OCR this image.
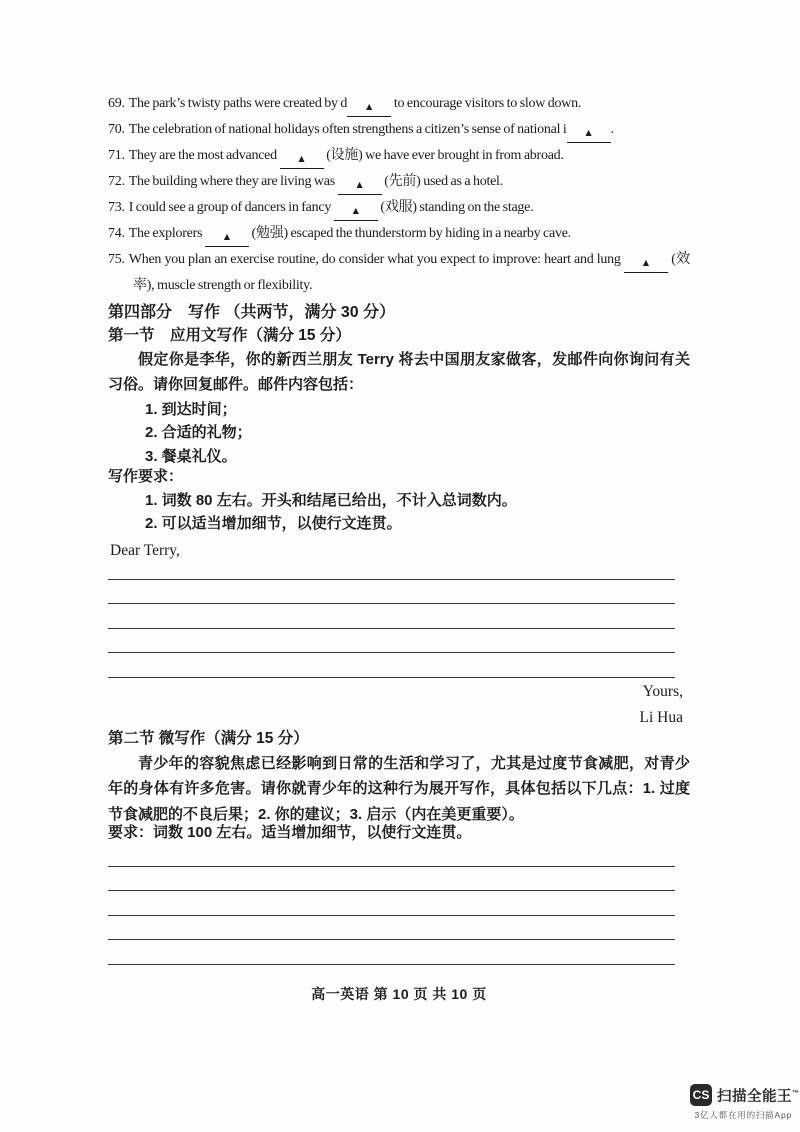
69. The park’s twisty paths were created by d ▲ to encourage visitors to slow down.
70. The celebration of national holidays often strengthens a citizen’s sense of national i ▲ .
71. They are the most advanced ▲ (设施) we have ever brought in from abroad.
72. The building where they are living was ▲ (先前) used as a hotel.
73. I could see a group of dancers in fancy ▲ (戏服) standing on the stage.
74. The explorers ▲ (勉强) escaped the thunderstorm by hiding in a nearby cave.
75. When you plan an exercise routine, do consider what you expect to improve: heart and lung ▲ (效率), muscle strength or flexibility.
第四部分　写作 （共两节，满分 30 分）
第一节　应用文写作（满分 15 分）
假定你是李华，你的新西兰朋友 Terry 将去中国朋友家做客，发邮件向你询问有关习俗。请你回复邮件。邮件内容包括：
1. 到达时间；
2. 合适的礼物；
3. 餐桌礼仪。
写作要求：
1. 词数 80 左右。开头和结尾已给出，不计入总词数内。
2. 可以适当增加细节，以使行文连贯。
Dear Terry,
Yours,
Li Hua
第二节 微写作（满分 15 分）
青少年的容貌焦虑已经影响到日常的生活和学习了，尤其是过度节食减肥，对青少年的身体有许多危害。请你就青少年的这种行为展开写作，具体包括以下几点：1. 过度节食减肥的不良后果；2. 你的建议；3. 启示（内在美更重要）。
要求：词数 100 左右。适当增加细节，以使行文连贯。
高一英语 第 10 页 共 10 页
CS 扫描全能王™
3亿人都在用的扫描App
